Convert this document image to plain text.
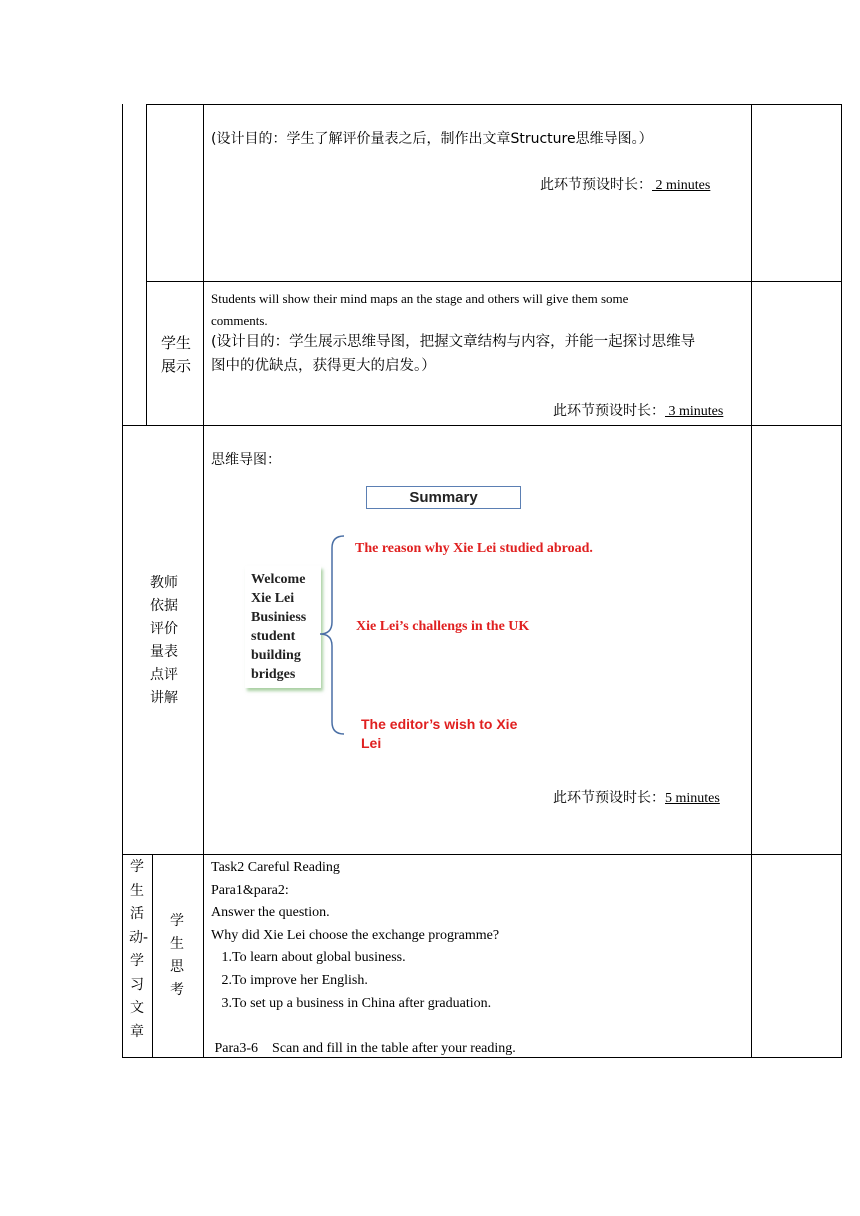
(设计目的：学生了解评价量表之后，制作出文章Structure思维导图。）
此环节预设时长： 2 minutes
学生展示
Students will show their mind maps an the stage and others will give them some
comments.
(设计目的：学生展示思维导图，把握文章结构与内容，并能一起探讨思维导
图中的优缺点，获得更大的启发。）
此环节预设时长： 3 minutes
教师依据评价量表点评讲解
思维导图：
Summary
Welcome
Xie Lei
Businiess
student
building
bridges
The reason why Xie Lei studied abroad.
Xie Lei’s challengs in the UK
The editor’s wish to Xie
Lei
此环节预设时长：5 minutes
学生活动-学习文章
学生思考
Task2 Careful Reading
Para1&para2:
Answer the question.
Why did Xie Lei choose the exchange programme?
1.To learn about global business.
2.To improve her English.
3.To set up a business in China after graduation.
Para3-6    Scan and fill in the table after your reading.
